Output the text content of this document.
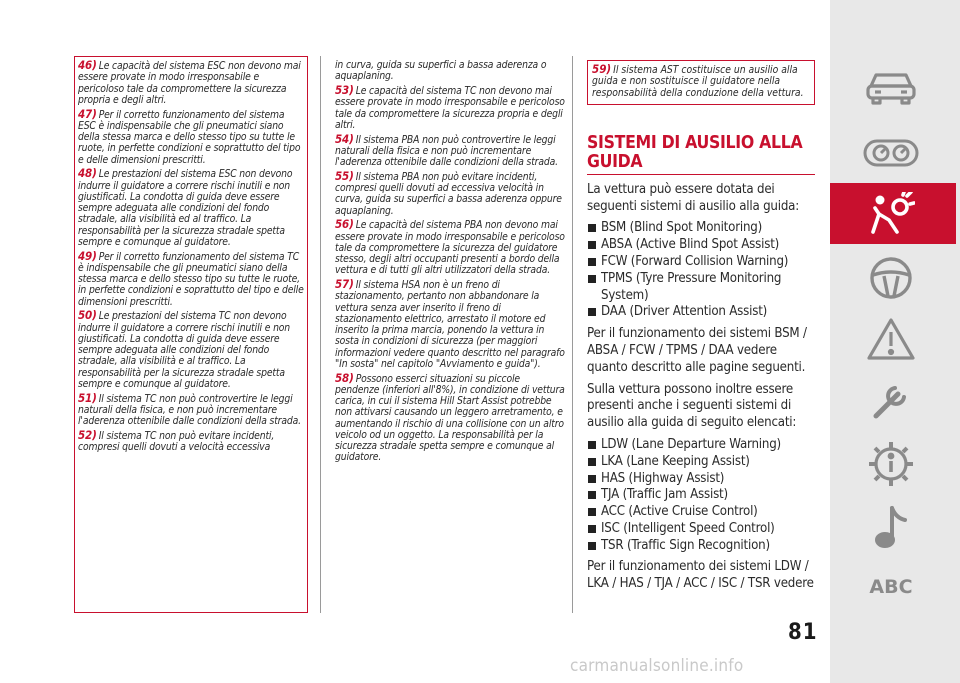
46) Le capacità del sistema ESC non devono mai essere provate in modo irresponsabile e pericoloso tale da compromettere la sicurezza propria e degli altri.

47) Per il corretto funzionamento del sistema ESC è indispensabile che gli pneumatici siano della stessa marca e dello stesso tipo su tutte le ruote, in perfette condizioni e soprattutto del tipo e delle dimensioni prescritti.

48) Le prestazioni del sistema ESC non devono indurre il guidatore a correre rischi inutili e non giustificati. La condotta di guida deve essere sempre adeguata alle condizioni del fondo stradale, alla visibilità ed al traffico. La responsabilità per la sicurezza stradale spetta sempre e comunque al guidatore.

49) Per il corretto funzionamento del sistema TC è indispensabile che gli pneumatici siano della stessa marca e dello stesso tipo su tutte le ruote, in perfette condizioni e soprattutto del tipo e delle dimensioni prescritti.

50) Le prestazioni del sistema TC non devono indurre il guidatore a correre rischi inutili e non giustificati. La condotta di guida deve essere sempre adeguata alle condizioni del fondo stradale, alla visibilità e al traffico. La responsabilità per la sicurezza stradale spetta sempre e comunque al guidatore.

51) Il sistema TC non può controvertire le leggi naturali della fisica, e non può incrementare l'aderenza ottenibile dalle condizioni della strada.

52) Il sistema TC non può evitare incidenti, compresi quelli dovuti a velocità eccessiva

in curva, guida su superfici a bassa aderenza o aquaplaning.

53) Le capacità del sistema TC non devono mai essere provate in modo irresponsabile e pericoloso tale da compromettere la sicurezza propria e degli altri.

54) Il sistema PBA non può controvertire le leggi naturali della fisica e non può incrementare l'aderenza ottenibile dalle condizioni della strada.

55) Il sistema PBA non può evitare incidenti, compresi quelli dovuti ad eccessiva velocità in curva, guida su superfici a bassa aderenza oppure aquaplaning.

56) Le capacità del sistema PBA non devono mai essere provate in modo irresponsabile e pericoloso tale da compromettere la sicurezza del guidatore stesso, degli altri occupanti presenti a bordo della vettura e di tutti gli altri utilizzatori della strada.

57) Il sistema HSA non è un freno di stazionamento, pertanto non abbandonare la vettura senza aver inserito il freno di stazionamento elettrico, arrestato il motore ed inserito la prima marcia, ponendo la vettura in sosta in condizioni di sicurezza (per maggiori informazioni vedere quanto descritto nel paragrafo "In sosta" nel capitolo "Avviamento e guida").

58) Possono esserci situazioni su piccole pendenze (inferiori all'8%), in condizione di vettura carica, in cui il sistema Hill Start Assist potrebbe non attivarsi causando un leggero arretramento, e aumentando il rischio di una collisione con un altro veicolo od un oggetto. La responsabilità per la sicurezza stradale spetta sempre e comunque al guidatore.

59) Il sistema AST costituisce un ausilio alla guida e non sostituisce il guidatore nella responsabilità della conduzione della vettura.
SISTEMI DI AUSILIO ALLA GUIDA

La vettura può essere dotata dei seguenti sistemi di ausilio alla guida:

BSM (Blind Spot Monitoring)
ABSA (Active Blind Spot Assist)
FCW (Forward Collision Warning)
TPMS (Tyre Pressure Monitoring System)
DAA (Driver Attention Assist)

Per il funzionamento dei sistemi BSM / ABSA / FCW / TPMS / DAA vedere quanto descritto alle pagine seguenti.

Sulla vettura possono inoltre essere presenti anche i seguenti sistemi di ausilio alla guida di seguito elencati:

LDW (Lane Departure Warning)
LKA (Lane Keeping Assist)
HAS (Highway Assist)
TJA (Traffic Jam Assist)
ACC (Active Cruise Control)
ISC (Intelligent Speed Control)
TSR (Traffic Sign Recognition)

Per il funzionamento dei sistemi LDW / LKA / HAS / TJA / ACC / ISC / TSR vedere

81
ABC
carmanualsonline.info
